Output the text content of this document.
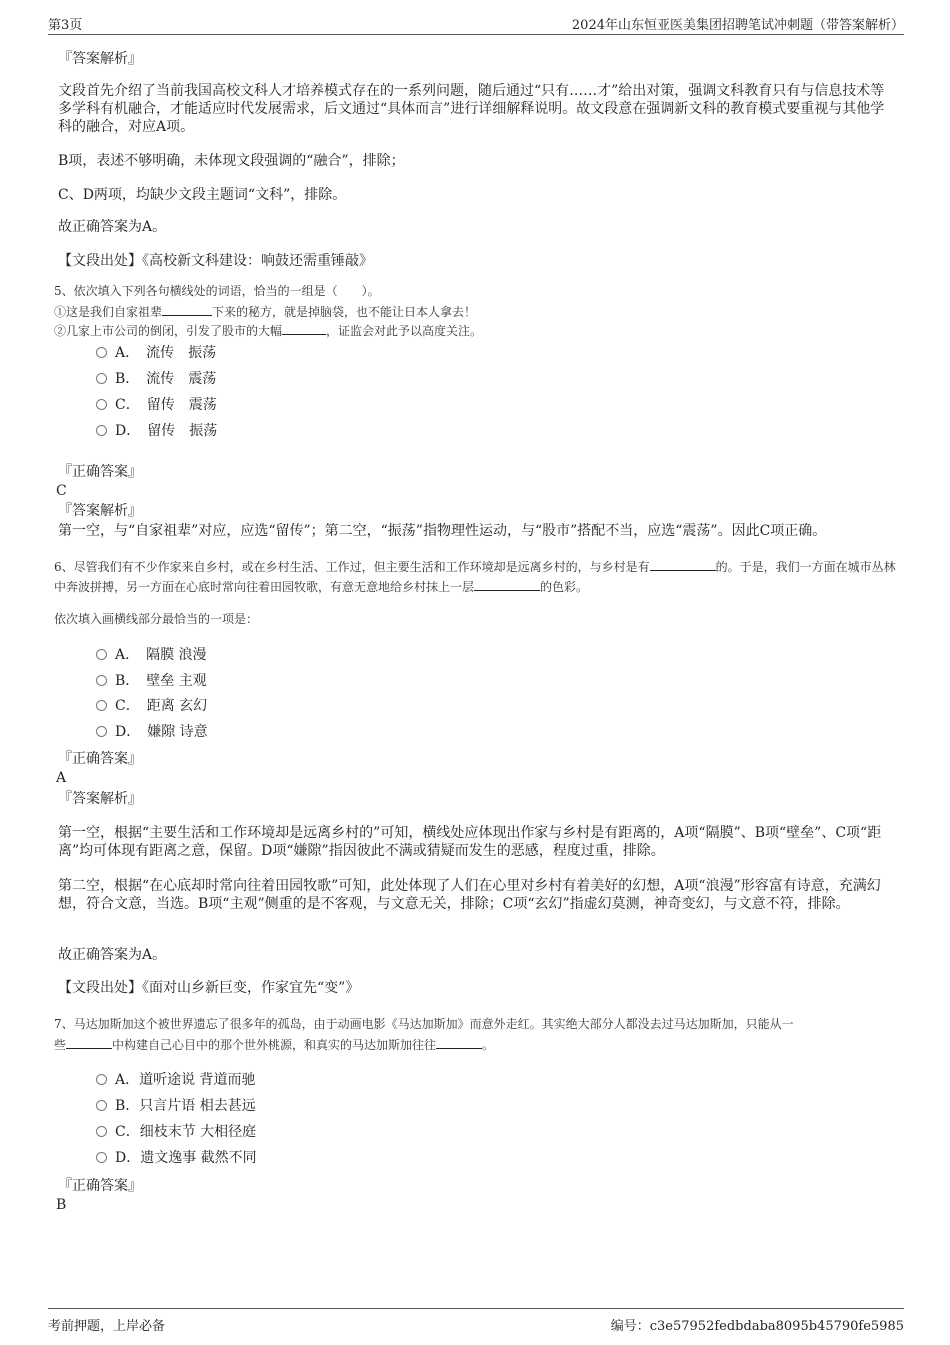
第3页	2024年山东恒亚医美集团招聘笔试冲刺题（带答案解析）
『答案解析』
文段首先介绍了当前我国高校文科人才培养模式存在的一系列问题，随后通过“只有……才”给出对策，强调文科教育只有与信息技术等多学科有机融合，才能适应时代发展需求，后文通过“具体而言”进行详细解释说明。故文段意在强调新文科的教育模式要重视与其他学科的融合，对应A项。
B项，表述不够明确，未体现文段强调的“融合”，排除；
C、D两项，均缺少文段主题词“文科”，排除。
故正确答案为A。
【文段出处】《高校新文科建设：响鼓还需重锤敲》
5、依次填入下列各句横线处的词语，恰当的一组是（　　）。
①这是我们自家祖辈	下来的秘方，就是掉脑袋，也不能让日本人拿去！
②几家上市公司的倒闭，引发了股市的大幅	，证监会对此予以高度关注。
A．　流传　振荡
B．　流传　震荡
C．　留传　震荡
D．　留传　振荡
『正确答案』
C
『答案解析』
第一空，与“自家祖辈”对应，应选“留传”；第二空，“振荡”指物理性运动，与“股市”搭配不当，应选“震荡”。因此C项正确。
6、尽管我们有不少作家来自乡村，或在乡村生活、工作过，但主要生活和工作环境却是远离乡村的，与乡村是有	的。于是，我们一方面在城市丛林中奔波拼搏，另一方面在心底时常向往着田园牧歌，有意无意地给乡村抹上一层	的色彩。
依次填入画横线部分最恰当的一项是：
A．　隔膜 浪漫
B．　壁垒 主观
C．　距离 玄幻
D．　嫌隙 诗意
『正确答案』
A
『答案解析』
第一空，根据“主要生活和工作环境却是远离乡村的”可知，横线处应体现出作家与乡村是有距离的，A项“隔膜”、B项“壁垒”、C项“距离”均可体现有距离之意，保留。D项“嫌隙”指因彼此不满或猜疑而发生的恶感，程度过重，排除。
第二空，根据“在心底却时常向往着田园牧歌”可知，此处体现了人们在心里对乡村有着美好的幻想，A项“浪漫”形容富有诗意，充满幻想，符合文意，当选。B项“主观”侧重的是不客观，与文意无关，排除；C项“玄幻”指虚幻莫测，神奇变幻，与文意不符，排除。
故正确答案为A。
【文段出处】《面对山乡新巨变，作家宜先“变”》
7、马达加斯加这个被世界遗忘了很多年的孤岛，由于动画电影《马达加斯加》而意外走红。其实绝大部分人都没去过马达加斯加，只能从一
些	中构建自己心目中的那个世外桃源，和真实的马达加斯加往往	。
A．道听途说 背道而驰
B．只言片语 相去甚远
C．细枝末节 大相径庭
D．遗文逸事 截然不同
『正确答案』
B
考前押题，上岸必备	编号：c3e57952fedbdaba8095b45790fe5985
